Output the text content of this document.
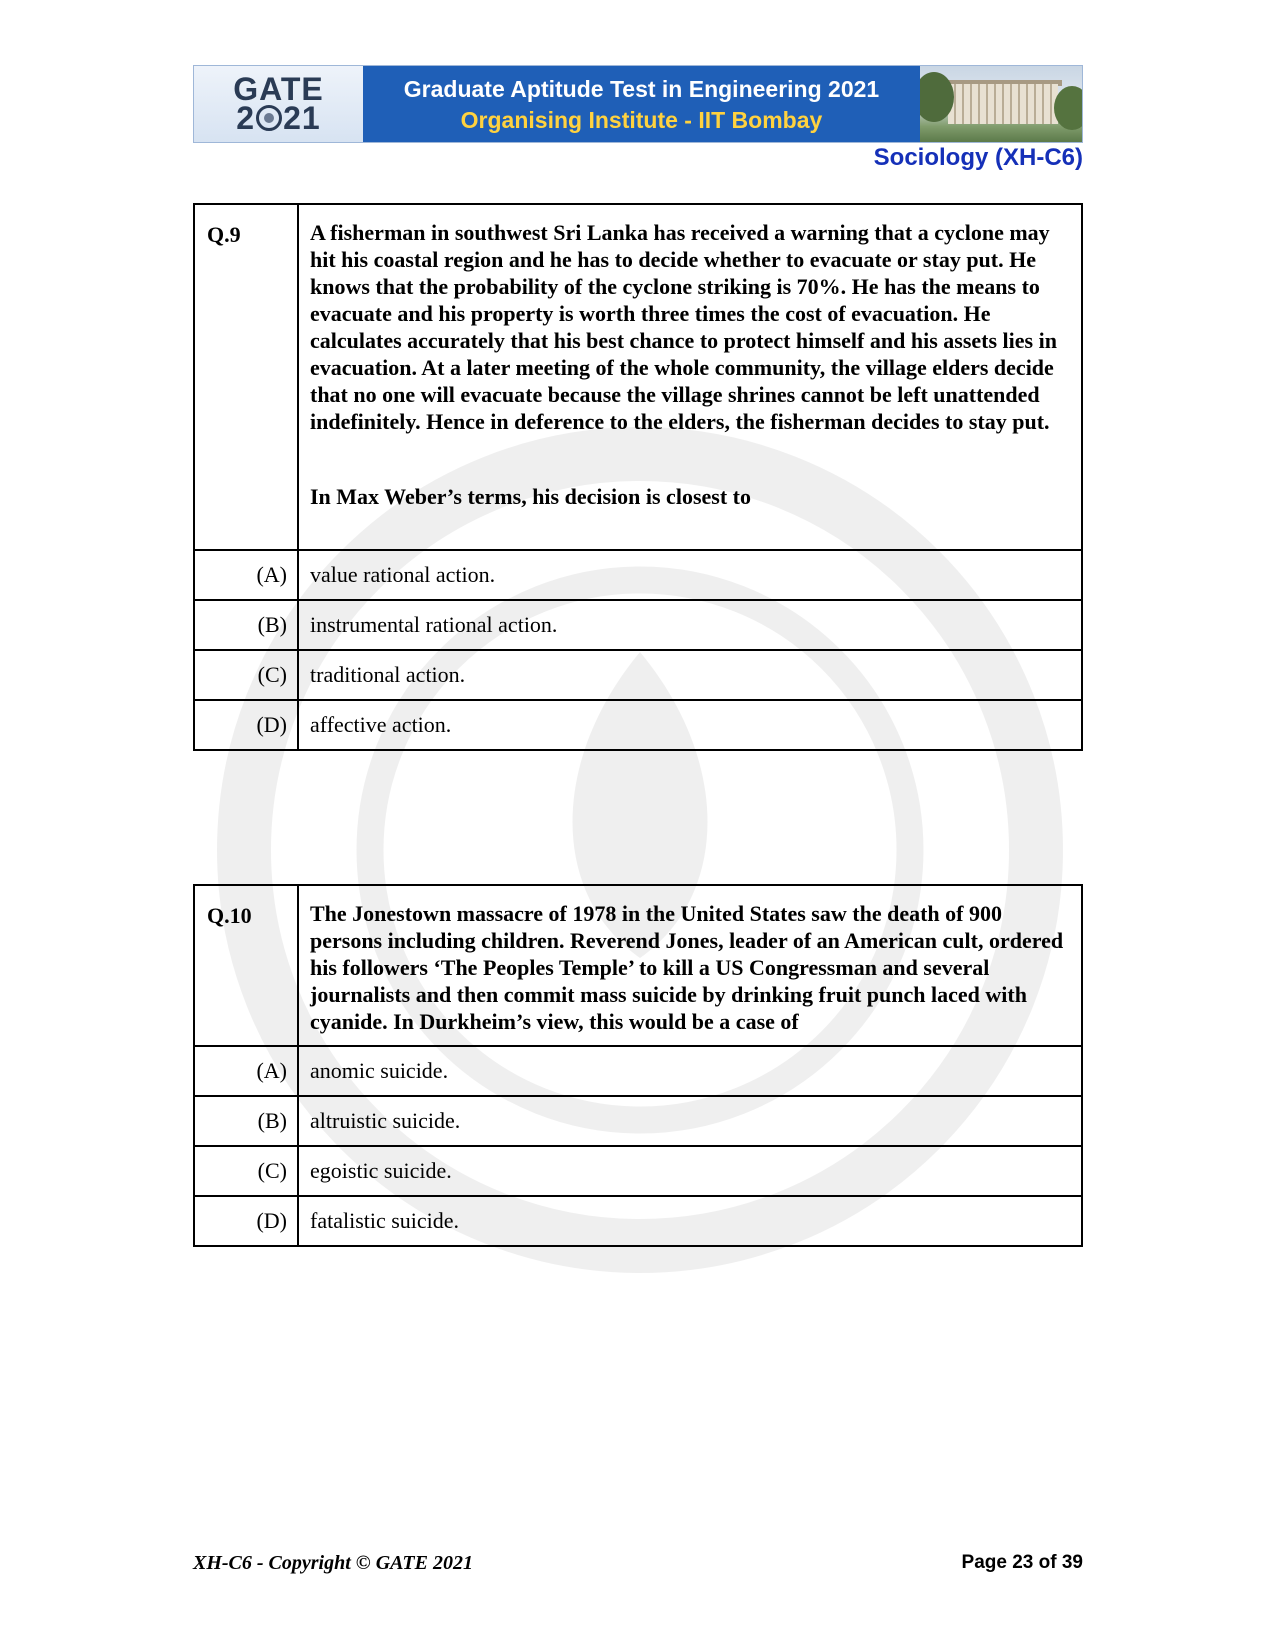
GATE
2 21
Graduate Aptitude Test in Engineering 2021
Organising Institute - IIT Bombay
Sociology (XH-C6)
Q.9	A fisherman in southwest Sri Lanka has received a warning that a cyclone may hit his coastal region and he has to decide whether to evacuate or stay put. He knows that the probability of the cyclone striking is 70%. He has the means to evacuate and his property is worth three times the cost of evacuation. He calculates accurately that his best chance to protect himself and his assets lies in evacuation. At a later meeting of the whole community, the village elders decide that no one will evacuate because the village shrines cannot be left unattended indefinitely. Hence in deference to the elders, the fisherman decides to stay put.

In Max Weber’s terms, his decision is closest to

(A)	value rational action.
(B)	instrumental rational action.
(C)	traditional action.
(D)	affective action.
Q.10	The Jonestown massacre of 1978 in the United States saw the death of 900 persons including children. Reverend Jones, leader of an American cult, ordered his followers ‘The Peoples Temple’ to kill a US Congressman and several journalists and then commit mass suicide by drinking fruit punch laced with cyanide. In Durkheim’s view, this would be a case of

(A)	anomic suicide.
(B)	altruistic suicide.
(C)	egoistic suicide.
(D)	fatalistic suicide.
XH-C6 - Copyright © GATE 2021	Page 23 of 39
